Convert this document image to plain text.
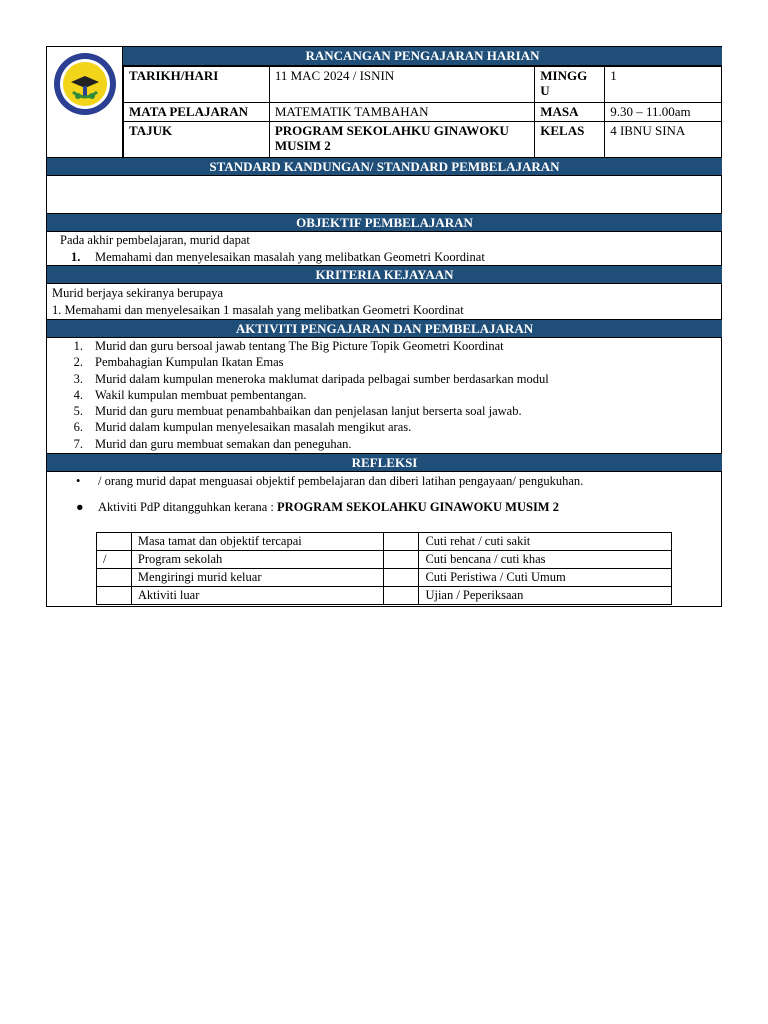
RANCANGAN PENGAJARAN HARIAN
TARIKH/HARI	11 MAC 2024 / ISNIN	MINGG U	1
MATA PELAJARAN	MATEMATIK TAMBAHAN	MASA	9.30 – 11.00am
TAJUK	PROGRAM SEKOLAHKU GINAWOKU MUSIM 2	KELAS	4 IBNU SINA
STANDARD KANDUNGAN/ STANDARD PEMBELAJARAN
OBJEKTIF PEMBELAJARAN
Pada akhir pembelajaran, murid dapat
1. Memahami dan menyelesaikan masalah yang melibatkan Geometri Koordinat
KRITERIA KEJAYAAN
Murid berjaya sekiranya berupaya
1. Memahami dan menyelesaikan 1 masalah yang melibatkan Geometri Koordinat
AKTIVITI PENGAJARAN DAN PEMBELAJARAN
1. Murid dan guru bersoal jawab tentang The Big Picture Topik Geometri Koordinat
2. Pembahagian Kumpulan Ikatan Emas
3. Murid dalam kumpulan meneroka maklumat daripada pelbagai sumber berdasarkan modul
4. Wakil kumpulan membuat pembentangan.
5. Murid dan guru membuat penambahbaikan dan penjelasan lanjut berserta soal jawab.
6. Murid dalam kumpulan menyelesaikan masalah mengikut aras.
7. Murid dan guru membuat semakan dan peneguhan.
REFLEKSI
• / orang murid dapat menguasai objektif pembelajaran dan diberi latihan pengayaan/ pengukuhan.
● Aktiviti PdP ditangguhkan kerana : PROGRAM SEKOLAHKU GINAWOKU MUSIM 2
	Masa tamat dan objektif tercapai		Cuti rehat / cuti sakit
/	Program sekolah		Cuti bencana / cuti khas
	Mengiringi murid keluar		Cuti Peristiwa / Cuti Umum
	Aktiviti luar		Ujian / Peperiksaan
